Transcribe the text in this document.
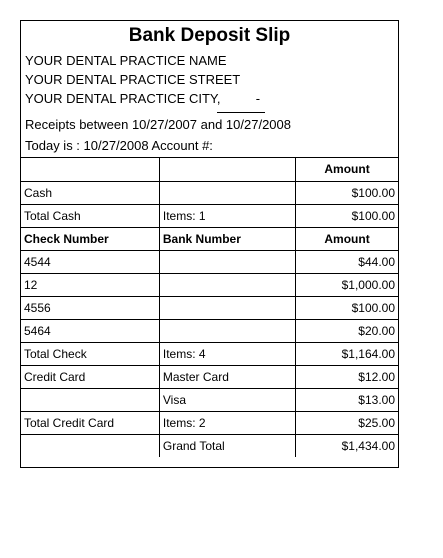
Bank Deposit Slip
YOUR DENTAL PRACTICE NAME
YOUR DENTAL PRACTICE STREET
YOUR DENTAL PRACTICE CITY,	-
Receipts between 10/27/2007 and 10/27/2008
Today is : 10/27/2008 Account #:
		Amount
Cash		$100.00
Total Cash	Items: 1	$100.00
Check Number	Bank Number	Amount
4544		$44.00
12		$1,000.00
4556		$100.00
5464		$20.00
Total Check	Items: 4	$1,164.00
Credit Card	Master Card	$12.00
	Visa	$13.00
Total Credit Card	Items: 2	$25.00
	Grand Total	$1,434.00
